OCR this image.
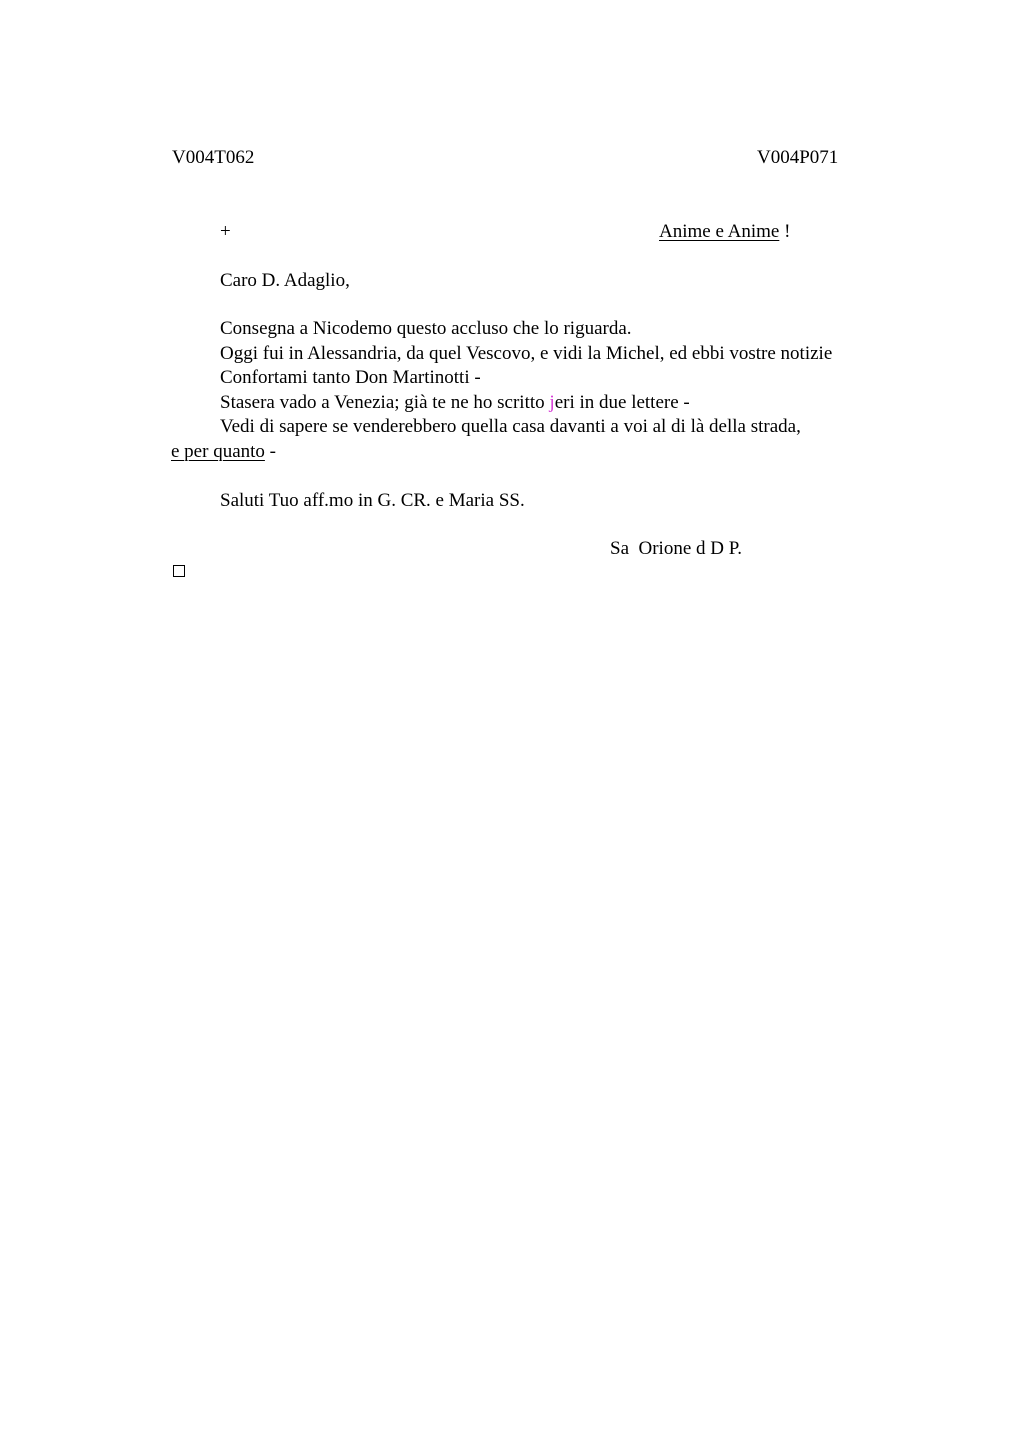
V004T062	V004P071
+	Anime e Anime !
Caro D. Adaglio,
Consegna a Nicodemo questo accluso che lo riguarda.
Oggi fui in Alessandria, da quel Vescovo, e vidi la Michel, ed ebbi vostre notizie
Confortami tanto Don Martinotti -
Stasera vado a Venezia; già te ne ho scritto jeri in due lettere -
Vedi di sapere se venderebbero quella casa davanti a voi al di là della strada,
e per quanto -
Saluti Tuo aff.mo in G. CR. e Maria SS.
Sa  Orione d D P.
